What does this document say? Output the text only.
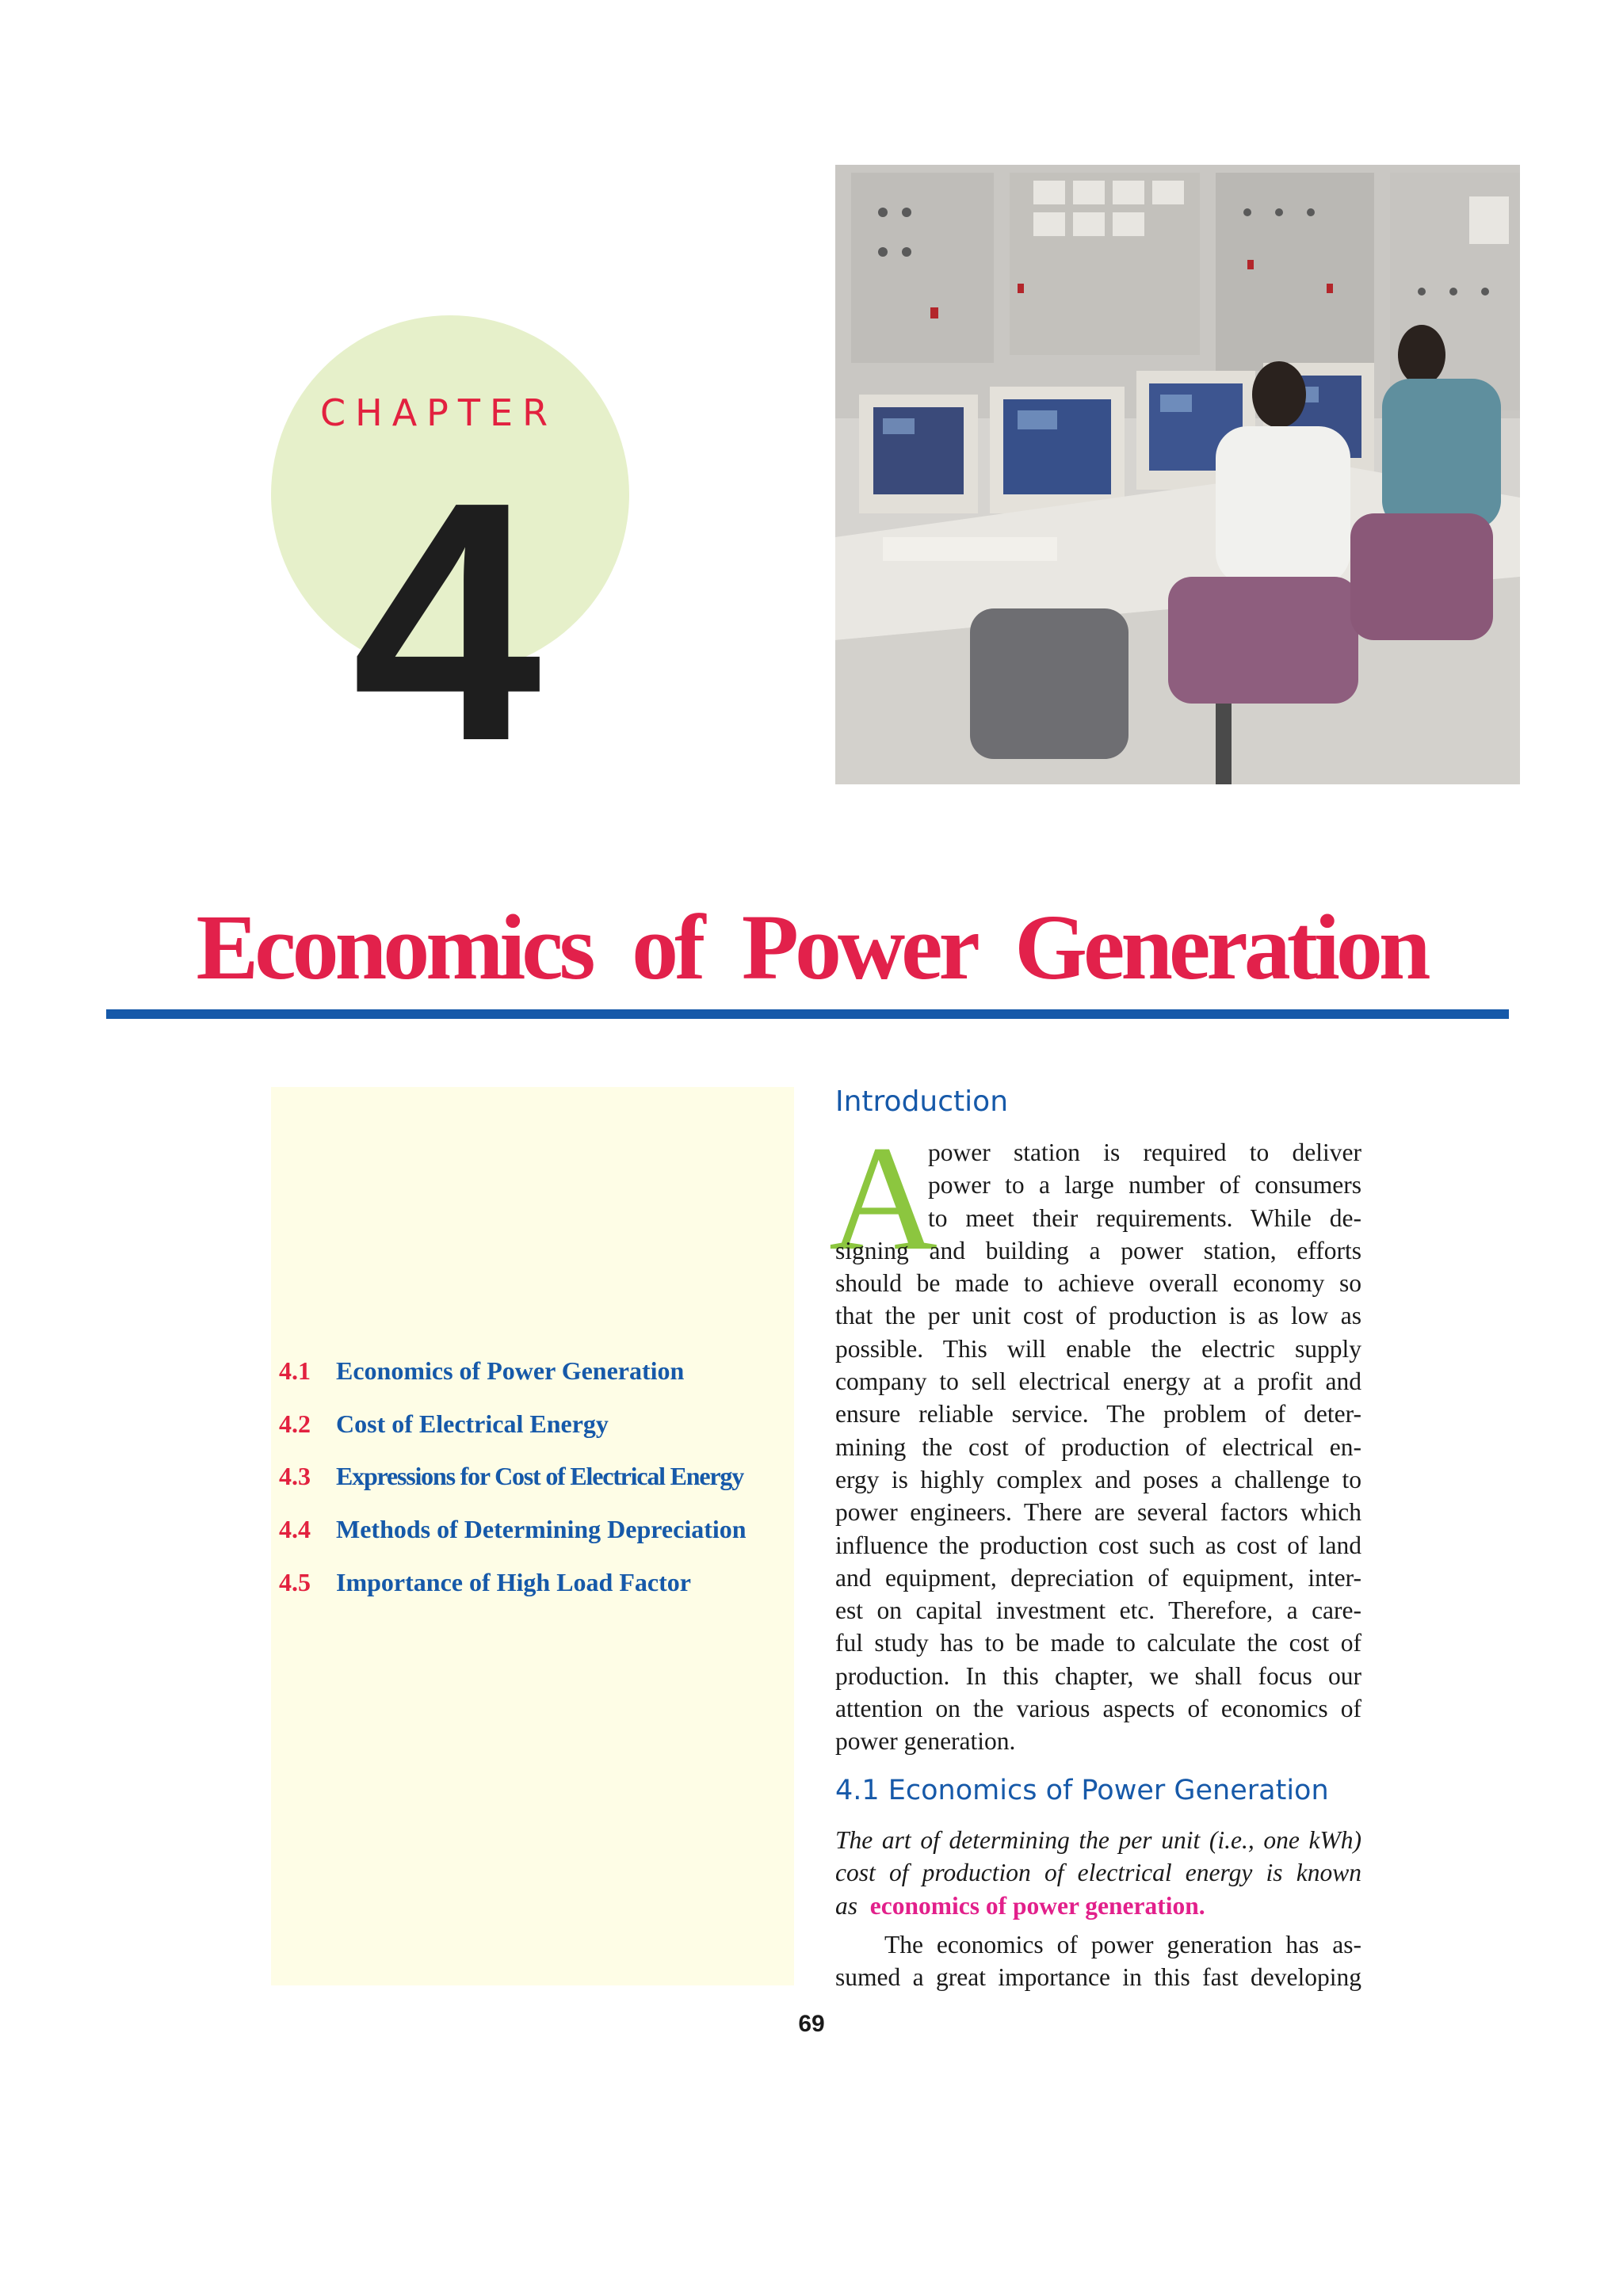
CHAPTER
4
Economics of Power Generation
4.1 Economics of Power Generation
4.2 Cost of Electrical Energy
4.3 Expressions for Cost of Electrical Energy
4.4 Methods of Determining Depreciation
4.5 Importance of High Load Factor
Introduction
A
power station is required to deliver
power to a large number of consumers
to meet their requirements. While de-
signing and building a power station, efforts
should be made to achieve overall economy so
that the per unit cost of production is as low as
possible. This will enable the electric supply
company to sell electrical energy at a profit and
ensure reliable service. The problem of deter-
mining the cost of production of electrical en-
ergy is highly complex and poses a challenge to
power engineers. There are several factors which
influence the production cost such as cost of land
and equipment, depreciation of equipment, inter-
est on capital investment etc. Therefore, a care-
ful study has to be made to calculate the cost of
production. In this chapter, we shall focus our
attention on the various aspects of economics of
power generation.
4.1 Economics of Power Generation
The art of determining the per unit (i.e., one kWh)
cost of production of electrical energy is known
as economics of power generation.
The economics of power generation has as-
sumed a great importance in this fast developing
69
